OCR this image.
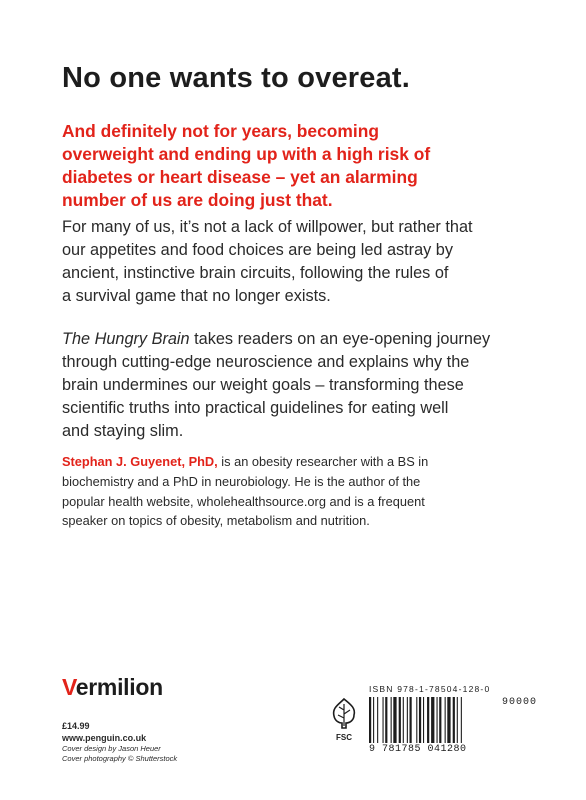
No one wants to overeat.
And definitely not for years, becoming
overweight and ending up with a high risk of
diabetes or heart disease – yet an alarming
number of us are doing just that.
For many of us, it’s not a lack of willpower, but rather that
our appetites and food choices are being led astray by
ancient, instinctive brain circuits, following the rules of
a survival game that no longer exists.
The Hungry Brain takes readers on an eye-opening journey
through cutting-edge neuroscience and explains why the
brain undermines our weight goals – transforming these
scientific truths into practical guidelines for eating well
and staying slim.
Stephan J. Guyenet, PhD, is an obesity researcher with a BS in
biochemistry and a PhD in neurobiology. He is the author of the
popular health website, wholehealthsource.org and is a frequent
speaker on topics of obesity, metabolism and nutrition.
Vermilion
£14.99
www.penguin.co.uk
Cover design by Jason Heuer
Cover photography © Shutterstock
FSC
ISBN 978-1-78504-128-0
90000
9 781785 041280
